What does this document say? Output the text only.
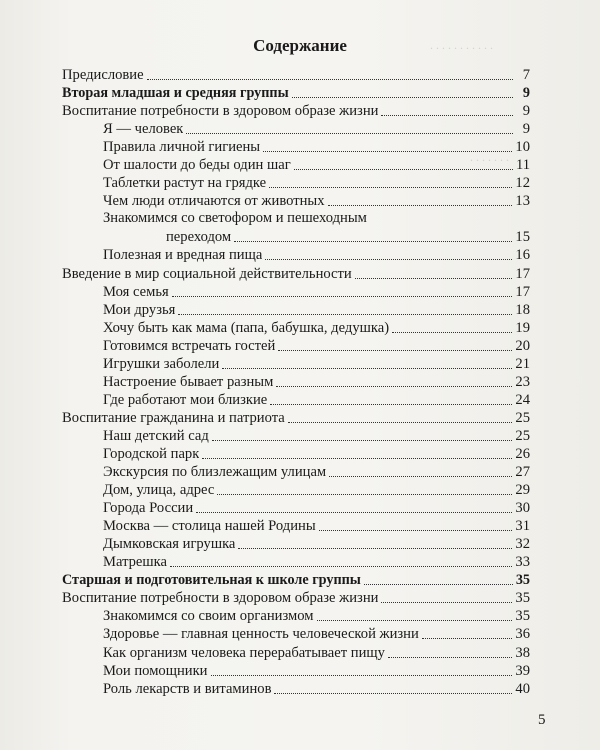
. . . . . . . . . . .
. . . . . . .
. . . . . . .
. . . . . .
Содержание
Предисловие	7
Вторая младшая и средняя группы	9
Воспитание потребности в здоровом образе жизни	9
Я — человек	9
Правила личной гигиены	10
От шалости до беды один шаг	11
Таблетки растут на грядке	12
Чем люди отличаются от животных	13
Знакомимся со светофором и пешеходным
переходом	15
Полезная и вредная пища	16
Введение в мир социальной действительности	17
Моя семья	17
Мои друзья	18
Хочу быть как мама (папа, бабушка, дедушка)	19
Готовимся встречать гостей	20
Игрушки заболели	21
Настроение бывает разным	23
Где работают мои близкие	24
Воспитание гражданина и патриота	25
Наш детский сад	25
Городской парк	26
Экскурсия по близлежащим улицам	27
Дом, улица, адрес	29
Города России	30
Москва — столица нашей Родины	31
Дымковская игрушка	32
Матрешка	33
Старшая и подготовительная к школе группы	35
Воспитание потребности в здоровом образе жизни	35
Знакомимся со своим организмом	35
Здоровье — главная ценность человеческой жизни	36
Как организм человека перерабатывает пищу	38
Мои помощники	39
Роль лекарств и витаминов	40
5
